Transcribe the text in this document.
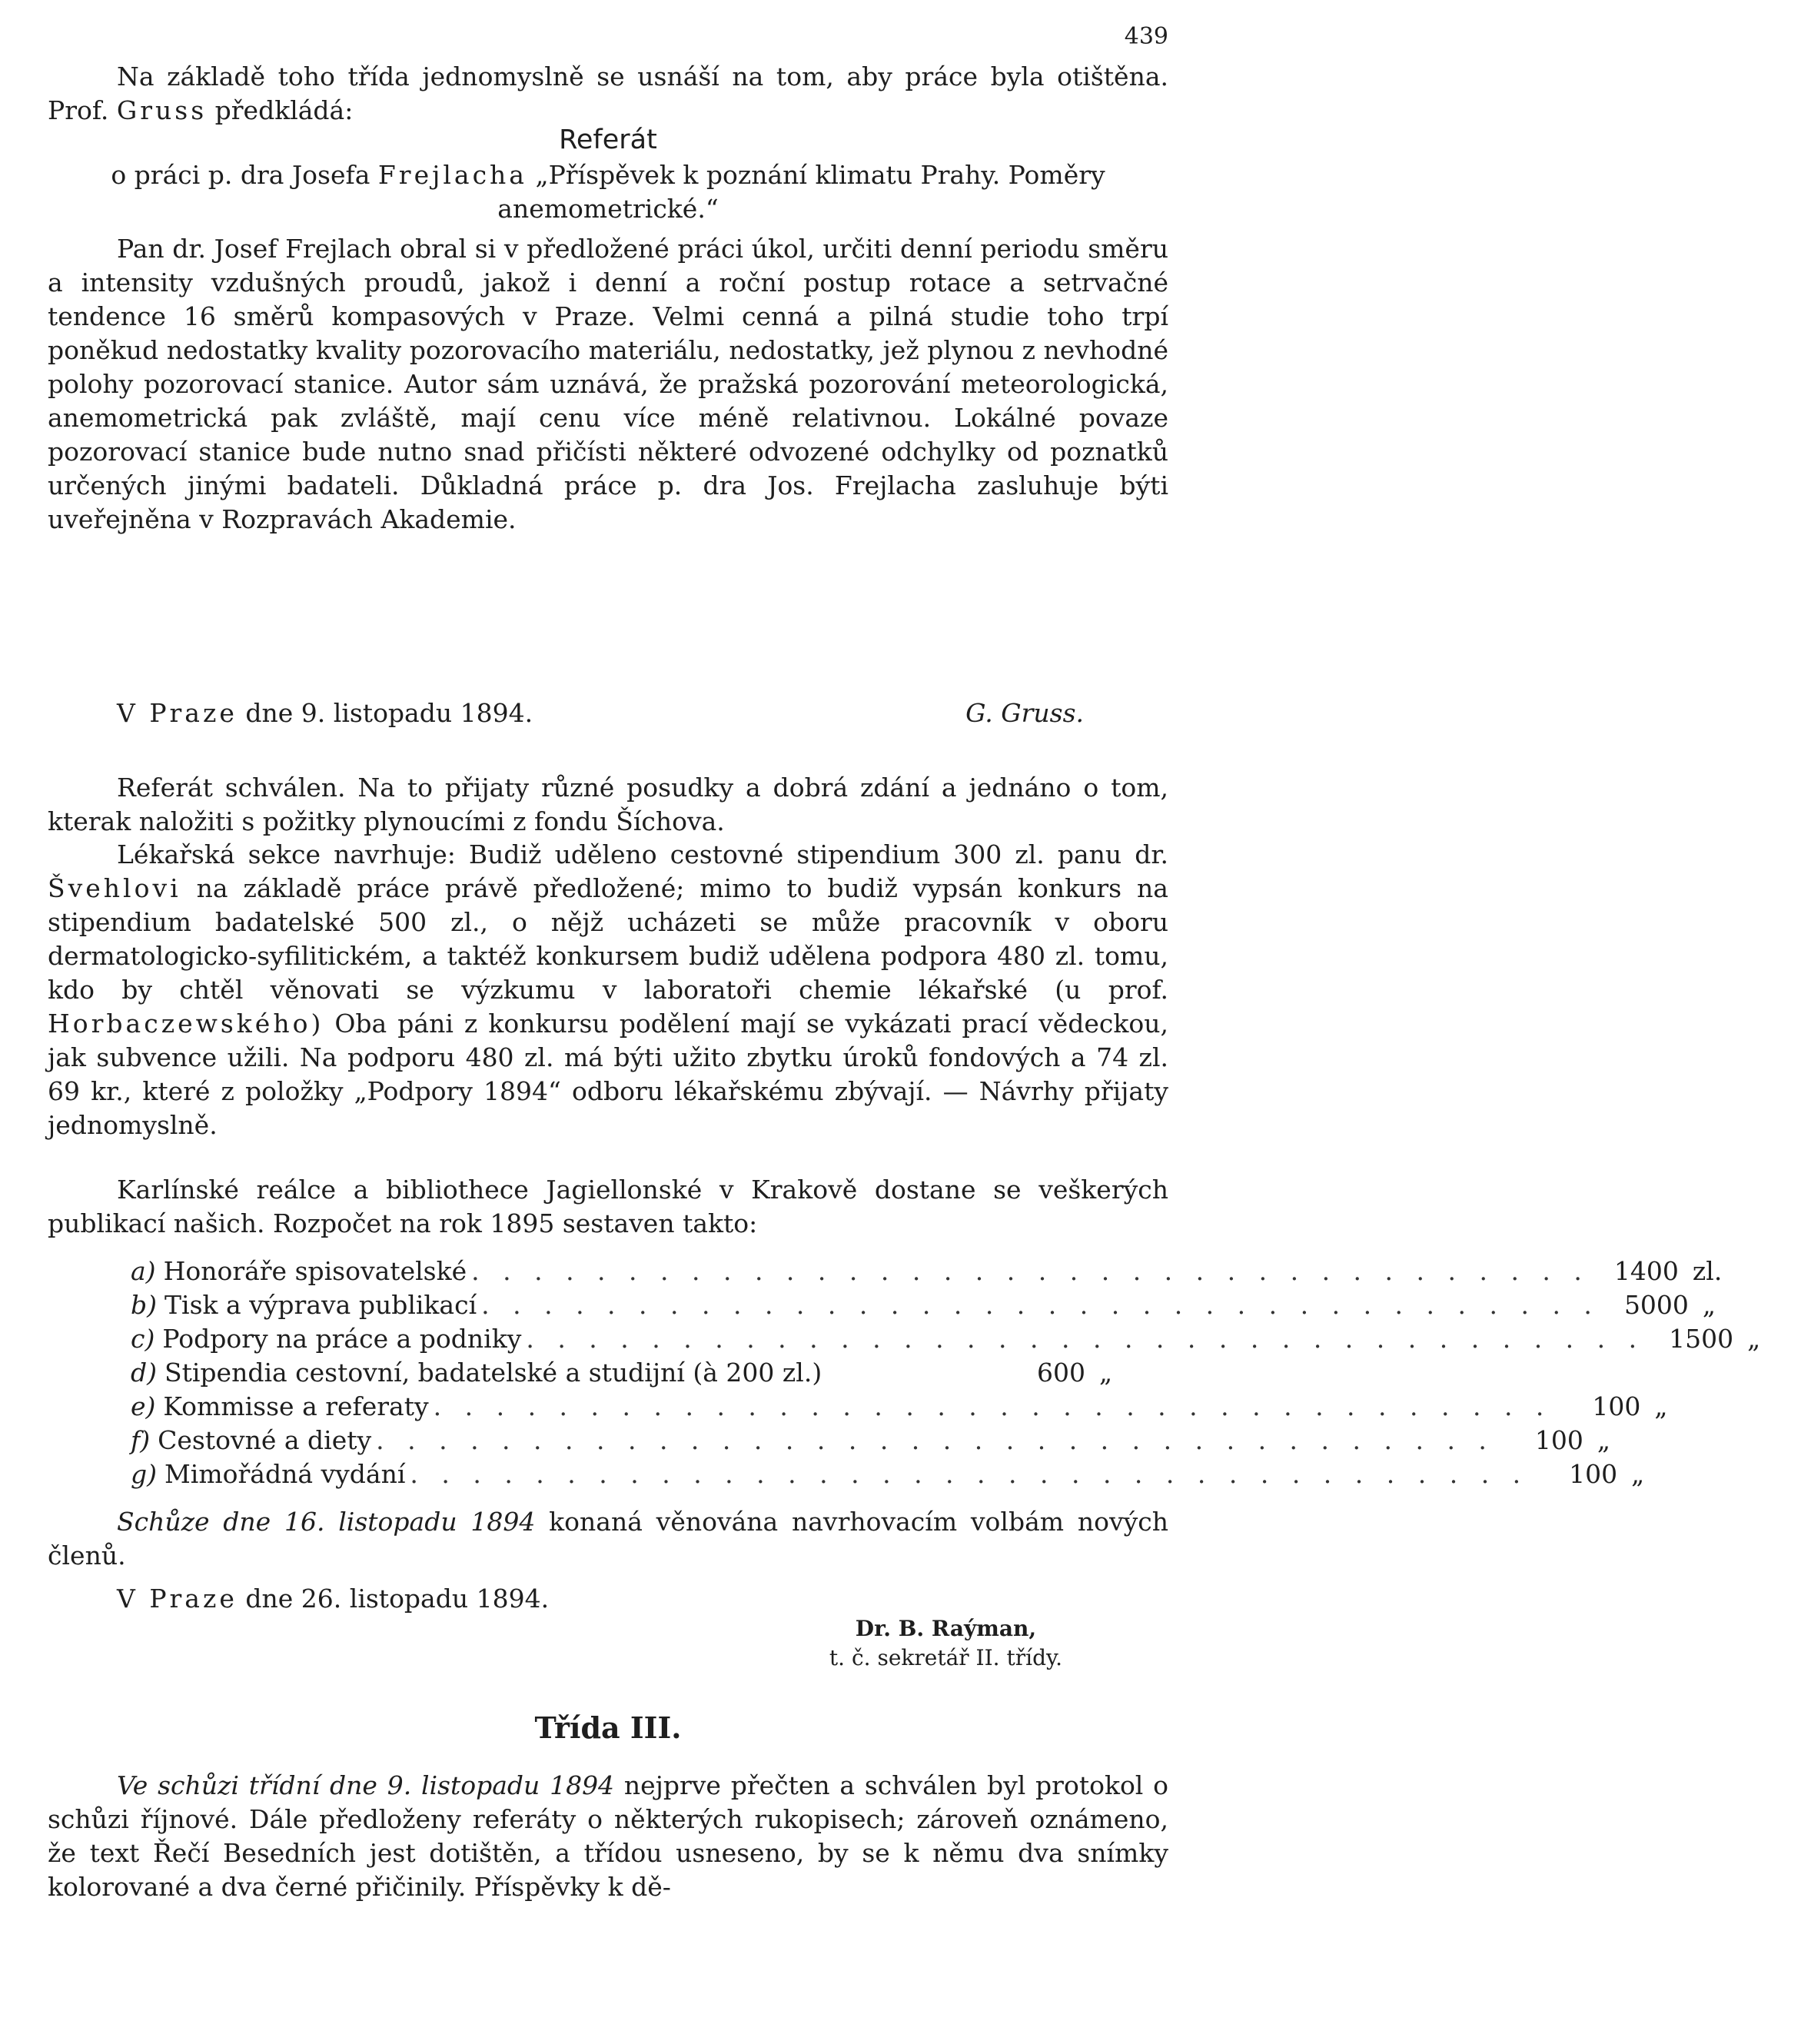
439

Na základě toho třída jednomyslně se usnáší na tom, aby práce byla otištěna. Prof. Gruss předkládá:

Referát

o práci p. dra Josefa Frejlacha „Příspěvek k poznání klimatu Prahy. Poměry anemometrické.“

Pan dr. Josef Frejlach obral si v předložené práci úkol, určiti denní periodu směru a intensity vzdušných proudů, jakož i denní a roční postup rotace a setrvačné tendence 16 směrů kompasových v Praze. Velmi cenná a pilná studie toho trpí poněkud nedostatky kvality pozorovacího materiálu, nedostatky, jež plynou z nevhodné polohy pozorovací stanice. Autor sám uznává, že pražská pozorování meteorologická, anemometrická pak zvláště, mají cenu více méně relativnou. Lokálné povaze pozorovací stanice bude nutno snad přičísti některé odvozené odchylky od poznatků určených jinými badateli. Důkladná práce p. dra Jos. Frejlacha zasluhuje býti uveřejněna v Rozpravách Akademie.

V Praze dne 9. listopadu 1894.	G. Gruss.

Referát schválen. Na to přijaty různé posudky a dobrá zdání a jednáno o tom, kterak naložiti s požitky plynoucími z fondu Šíchova.

Lékařská sekce navrhuje: Budiž uděleno cestovné stipendium 300 zl. panu dr. Švehlovi na základě práce právě předložené; mimo to budiž vypsán konkurs na stipendium badatelské 500 zl., o nějž ucházeti se může pracovník v oboru dermatologicko-syfilitickém, a taktéž konkursem budiž udělena podpora 480 zl. tomu, kdo by chtěl věnovati se výzkumu v laboratoři chemie lékařské (u prof. Horbaczewského) Oba páni z konkursu podělení mají se vykázati prací vědeckou, jak subvence užili. Na podporu 480 zl. má býti užito zbytku úroků fondových a 74 zl. 69 kr., které z položky „Podpory 1894“ odboru lékařskému zbývají. — Návrhy přijaty jednomyslně.

Karlínské reálce a bibliothece Jagiellonské v Krakově dostane se veškerých publikací našich. Rozpočet na rok 1895 sestaven takto:

a) Honoráře spisovatelské . . . . . . . . . . . . . . . . . . . . . . . . . . . . . . . . . . . . 1400 zl.
b) Tisk a výprava publikací . . . . . . . . . . . . . . . . . . . . . . . . . . . . . . . . . . . . 5000 „
c) Podpory na práce a podniky . . . . . . . . . . . . . . . . . . . . . . . . . . . . . . . . . . . . 1500 „
d) Stipendia cestovní, badatelské a studijní (à 200 zl.)	600 „
e) Kommisse a referaty . . . . . . . . . . . . . . . . . . . . . . . . . . . . . . . . . . . .	100 „
f) Cestovné a diety . . . . . . . . . . . . . . . . . . . . . . . . . . . . . . . . . . . .	100 „
g) Mimořádná vydání . . . . . . . . . . . . . . . . . . . . . . . . . . . . . . . . . . . .	100 „

Schůze dne 16. listopadu 1894 konaná věnována navrhovacím volbám nových členů.

V Praze dne 26. listopadu 1894.

Dr. B. Raýman,
t. č. sekretář II. třídy.
Třída III.

Ve schůzi třídní dne 9. listopadu 1894 nejprve přečten a schválen byl protokol o schůzi říjnové. Dále předloženy referáty o některých rukopisech; zároveň oznámeno, že text Řečí Besedních jest dotištěn, a třídou usneseno, by se k němu dva snímky kolorované a dva černé přičinily. Příspěvky k dě-
